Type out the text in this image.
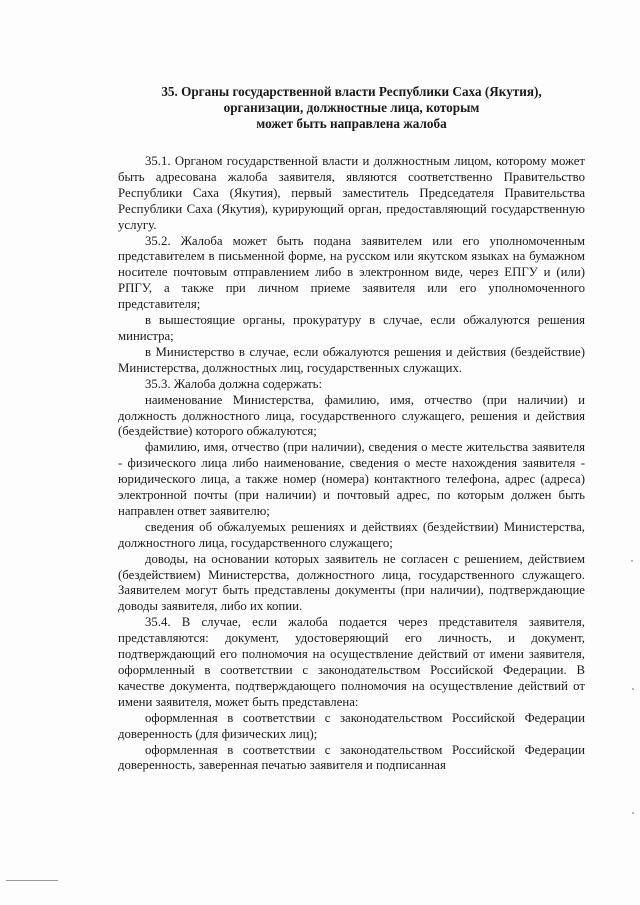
35. Органы государственной власти Республики Саха (Якутия),
организации, должностные лица, которым
может быть направлена жалоба

35.1. Органом государственной власти и должностным лицом, которому может быть адресована жалоба заявителя, являются соответственно Правительство Республики Саха (Якутия), первый заместитель Председателя Правительства Республики Саха (Якутия), курирующий орган, предоставляющий государственную услугу.

35.2. Жалоба может быть подана заявителем или его уполномоченным представителем в письменной форме, на русском или якутском языках на бумажном носителе почтовым отправлением либо в электронном виде, через ЕПГУ и (или) РПГУ, а также при личном приеме заявителя или его уполномоченного представителя;

в вышестоящие органы, прокуратуру в случае, если обжалуются решения министра;

в Министерство в случае, если обжалуются решения и действия (бездействие) Министерства, должностных лиц, государственных служащих.

35.3. Жалоба должна содержать:

наименование Министерства, фамилию, имя, отчество (при наличии) и должность должностного лица, государственного служащего, решения и действия (бездействие) которого обжалуются;

фамилию, имя, отчество (при наличии), сведения о месте жительства заявителя - физического лица либо наименование, сведения о месте нахождения заявителя - юридического лица, а также номер (номера) контактного телефона, адрес (адреса) электронной почты (при наличии) и почтовый адрес, по которым должен быть направлен ответ заявителю;

сведения об обжалуемых решениях и действиях (бездействии) Министерства, должностного лица, государственного служащего;

доводы, на основании которых заявитель не согласен с решением, действием (бездействием) Министерства, должностного лица, государственного служащего. Заявителем могут быть представлены документы (при наличии), подтверждающие доводы заявителя, либо их копии.

35.4. В случае, если жалоба подается через представителя заявителя, представляются: документ, удостоверяющий его личность, и документ, подтверждающий его полномочия на осуществление действий от имени заявителя, оформленный в соответствии с законодательством Российской Федерации. В качестве документа, подтверждающего полномочия на осуществление действий от имени заявителя, может быть представлена:

оформленная в соответствии с законодательством Российской Федерации доверенность (для физических лиц);

оформленная в соответствии с законодательством Российской Федерации доверенность, заверенная печатью заявителя и подписанная
